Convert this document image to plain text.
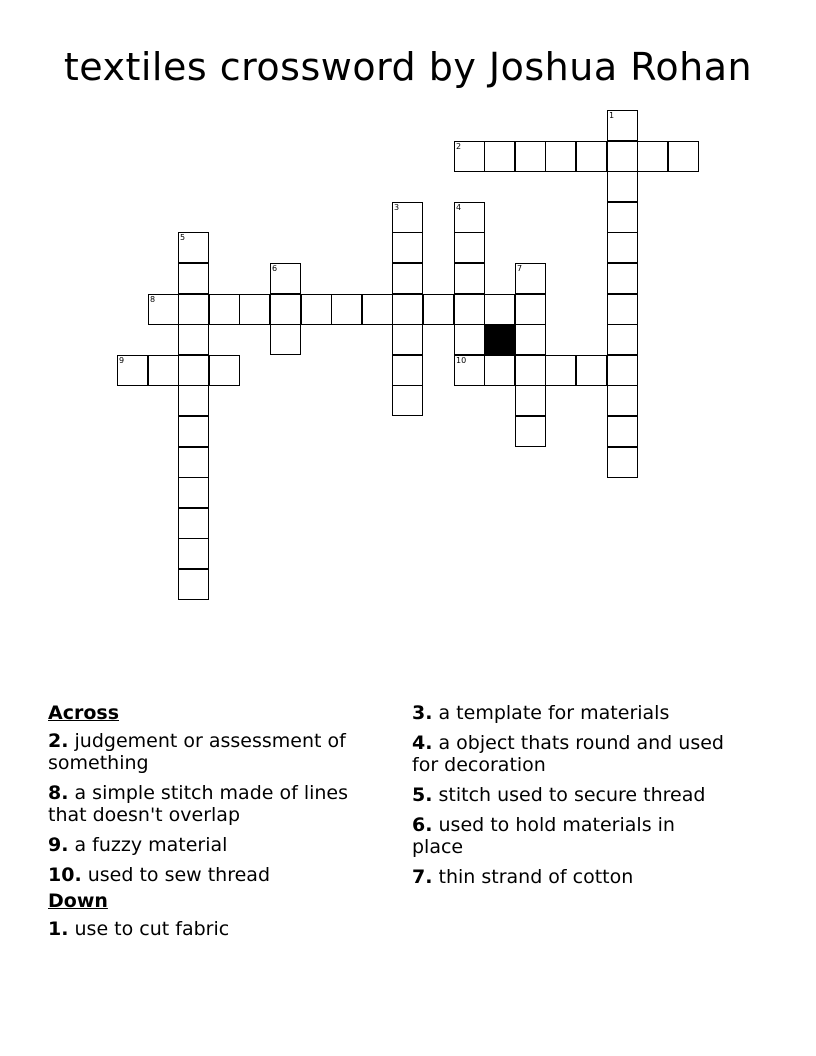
textiles crossword by Joshua Rohan
1
2
3	4
5
6	7
8
9	10
Across
2. judgement or assessment of something
8. a simple stitch made of lines that doesn't overlap
9. a fuzzy material
10. used to sew thread
Down
1. use to cut fabric
3. a template for materials
4. a object thats round and used for decoration
5. stitch used to secure thread
6. used to hold materials in place
7. thin strand of cotton
